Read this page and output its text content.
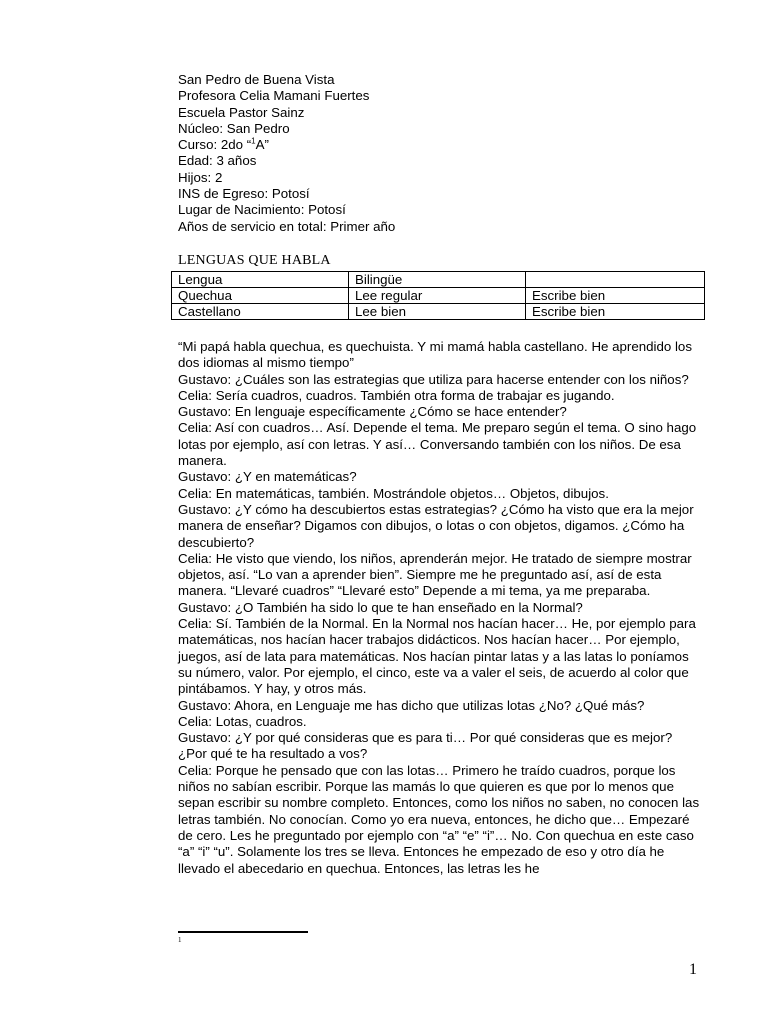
San Pedro de Buena Vista
Profesora Celia Mamani Fuertes
Escuela Pastor Sainz
Núcleo: San Pedro
Curso: 2do “$^1$A”
Edad: 3 años
Hijos: 2
INS de Egreso: Potosí
Lugar de Nacimiento: Potosí
Años de servicio en total: Primer año
LENGUAS QUE HABLA
Lengua	Bilingüe	
Quechua	Lee regular	Escribe bien
Castellano	Lee bien	Escribe bien

“Mi papá habla quechua, es quechuista. Y mi mamá habla castellano. He aprendido los dos idiomas al mismo tiempo”

Gustavo: ¿Cuáles son las estrategias que utiliza para hacerse entender con los niños?

Celia: Sería cuadros, cuadros. También otra forma de trabajar es jugando.

Gustavo: En lenguaje específicamente ¿Cómo se hace entender?

Celia: Así con cuadros… Así. Depende el tema. Me preparo según el tema. O sino hago lotas por ejemplo, así con letras. Y así… Conversando también con los niños. De esa manera.

Gustavo: ¿Y en matemáticas?

Celia: En matemáticas, también. Mostrándole objetos… Objetos, dibujos.

Gustavo: ¿Y cómo ha descubiertos estas estrategias? ¿Cómo ha visto que era la mejor manera de enseñar? Digamos con dibujos, o lotas o con objetos, digamos. ¿Cómo ha descubierto?

Celia: He visto que viendo, los niños, aprenderán mejor. He tratado de siempre mostrar objetos, así. “Lo van a aprender bien”. Siempre me he preguntado así, así de esta manera. “Llevaré cuadros” “Llevaré esto” Depende a mi tema, ya me preparaba.

Gustavo: ¿O También ha sido lo que te han enseñado en la Normal?

Celia: Sí. También de la Normal. En la Normal nos hacían hacer… He, por ejemplo para matemáticas, nos hacían hacer trabajos didácticos. Nos hacían hacer… Por ejemplo, juegos, así de lata para matemáticas. Nos hacían pintar latas y a las latas lo poníamos su número, valor. Por ejemplo, el cinco, este va a valer el seis, de acuerdo al color que pintábamos. Y hay, y otros más.

Gustavo: Ahora, en Lenguaje me has dicho que utilizas lotas ¿No? ¿Qué más?

Celia: Lotas, cuadros.

Gustavo: ¿Y por qué consideras que es para ti… Por qué consideras que es mejor? ¿Por qué te ha resultado a vos?

Celia: Porque he pensado que con las lotas… Primero he traído cuadros, porque los niños no sabían escribir. Porque las mamás lo que quieren es que por lo menos que sepan escribir su nombre completo. Entonces, como los niños no saben, no conocen las letras también. No conocían. Como yo era nueva, entonces, he dicho que… Empezaré de cero. Les he preguntado por ejemplo con “a” “e” “i”… No. Con quechua en este caso “a” “i” “u”. Solamente los tres se lleva. Entonces he empezado de eso y otro día he llevado el abecedario en quechua. Entonces, las letras les he

1
1
